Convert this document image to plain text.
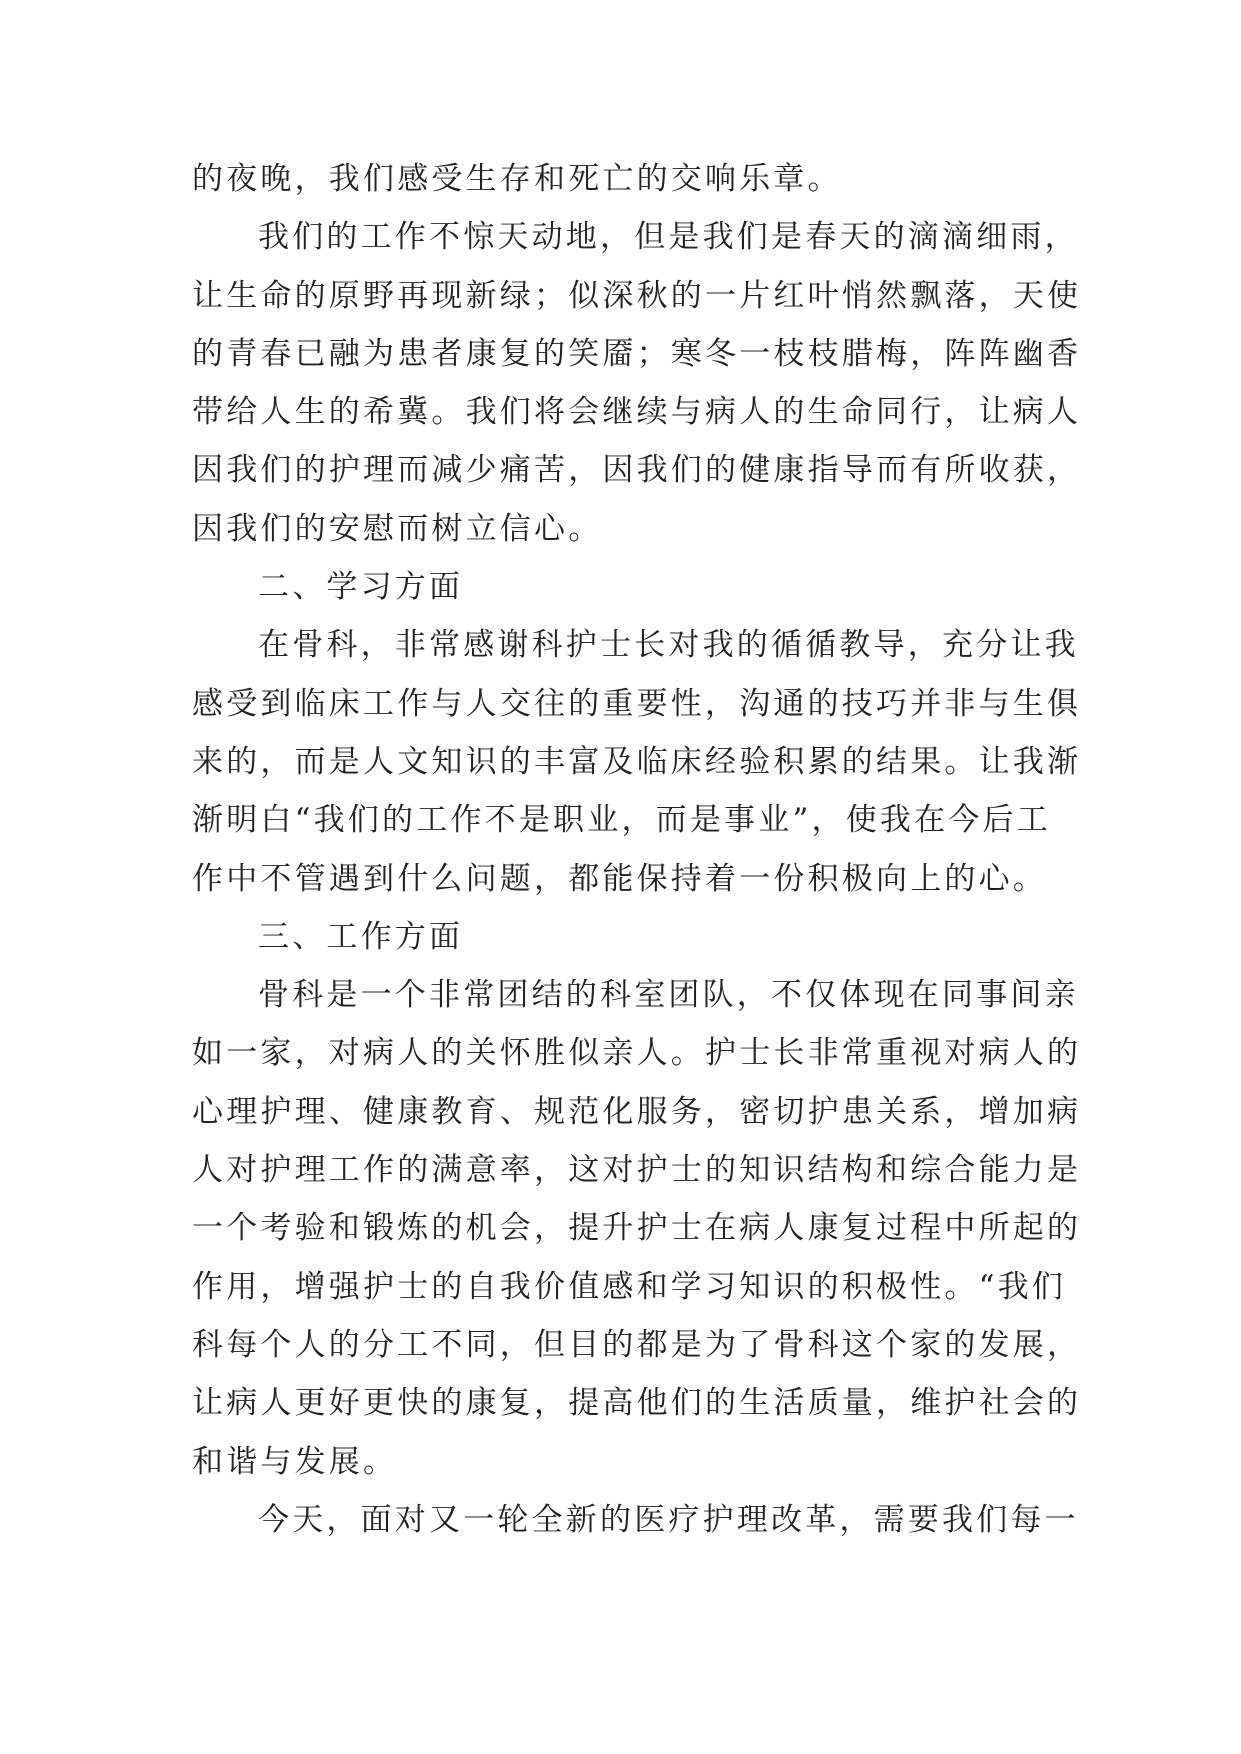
的夜晚，我们感受生存和死亡的交响乐章。
我们的工作不惊天动地，但是我们是春天的滴滴细雨，
让生命的原野再现新绿；似深秋的一片红叶悄然飘落，天使
的青春已融为患者康复的笑靥；寒冬一枝枝腊梅，阵阵幽香
带给人生的希冀。我们将会继续与病人的生命同行，让病人
因我们的护理而减少痛苦，因我们的健康指导而有所收获，
因我们的安慰而树立信心。
二、学习方面
在骨科，非常感谢科护士长对我的循循教导，充分让我
感受到临床工作与人交往的重要性，沟通的技巧并非与生俱
来的，而是人文知识的丰富及临床经验积累的结果。让我渐
渐明白“我们的工作不是职业，而是事业”，使我在今后工
作中不管遇到什么问题，都能保持着一份积极向上的心。
三、工作方面
骨科是一个非常团结的科室团队，不仅体现在同事间亲
如一家，对病人的关怀胜似亲人。护士长非常重视对病人的
心理护理、健康教育、规范化服务，密切护患关系，增加病
人对护理工作的满意率，这对护士的知识结构和综合能力是
一个考验和锻炼的机会，提升护士在病人康复过程中所起的
作用，增强护士的自我价值感和学习知识的积极性。“我们
科每个人的分工不同，但目的都是为了骨科这个家的发展，
让病人更好更快的康复，提高他们的生活质量，维护社会的
和谐与发展。
今天，面对又一轮全新的医疗护理改革，需要我们每一
